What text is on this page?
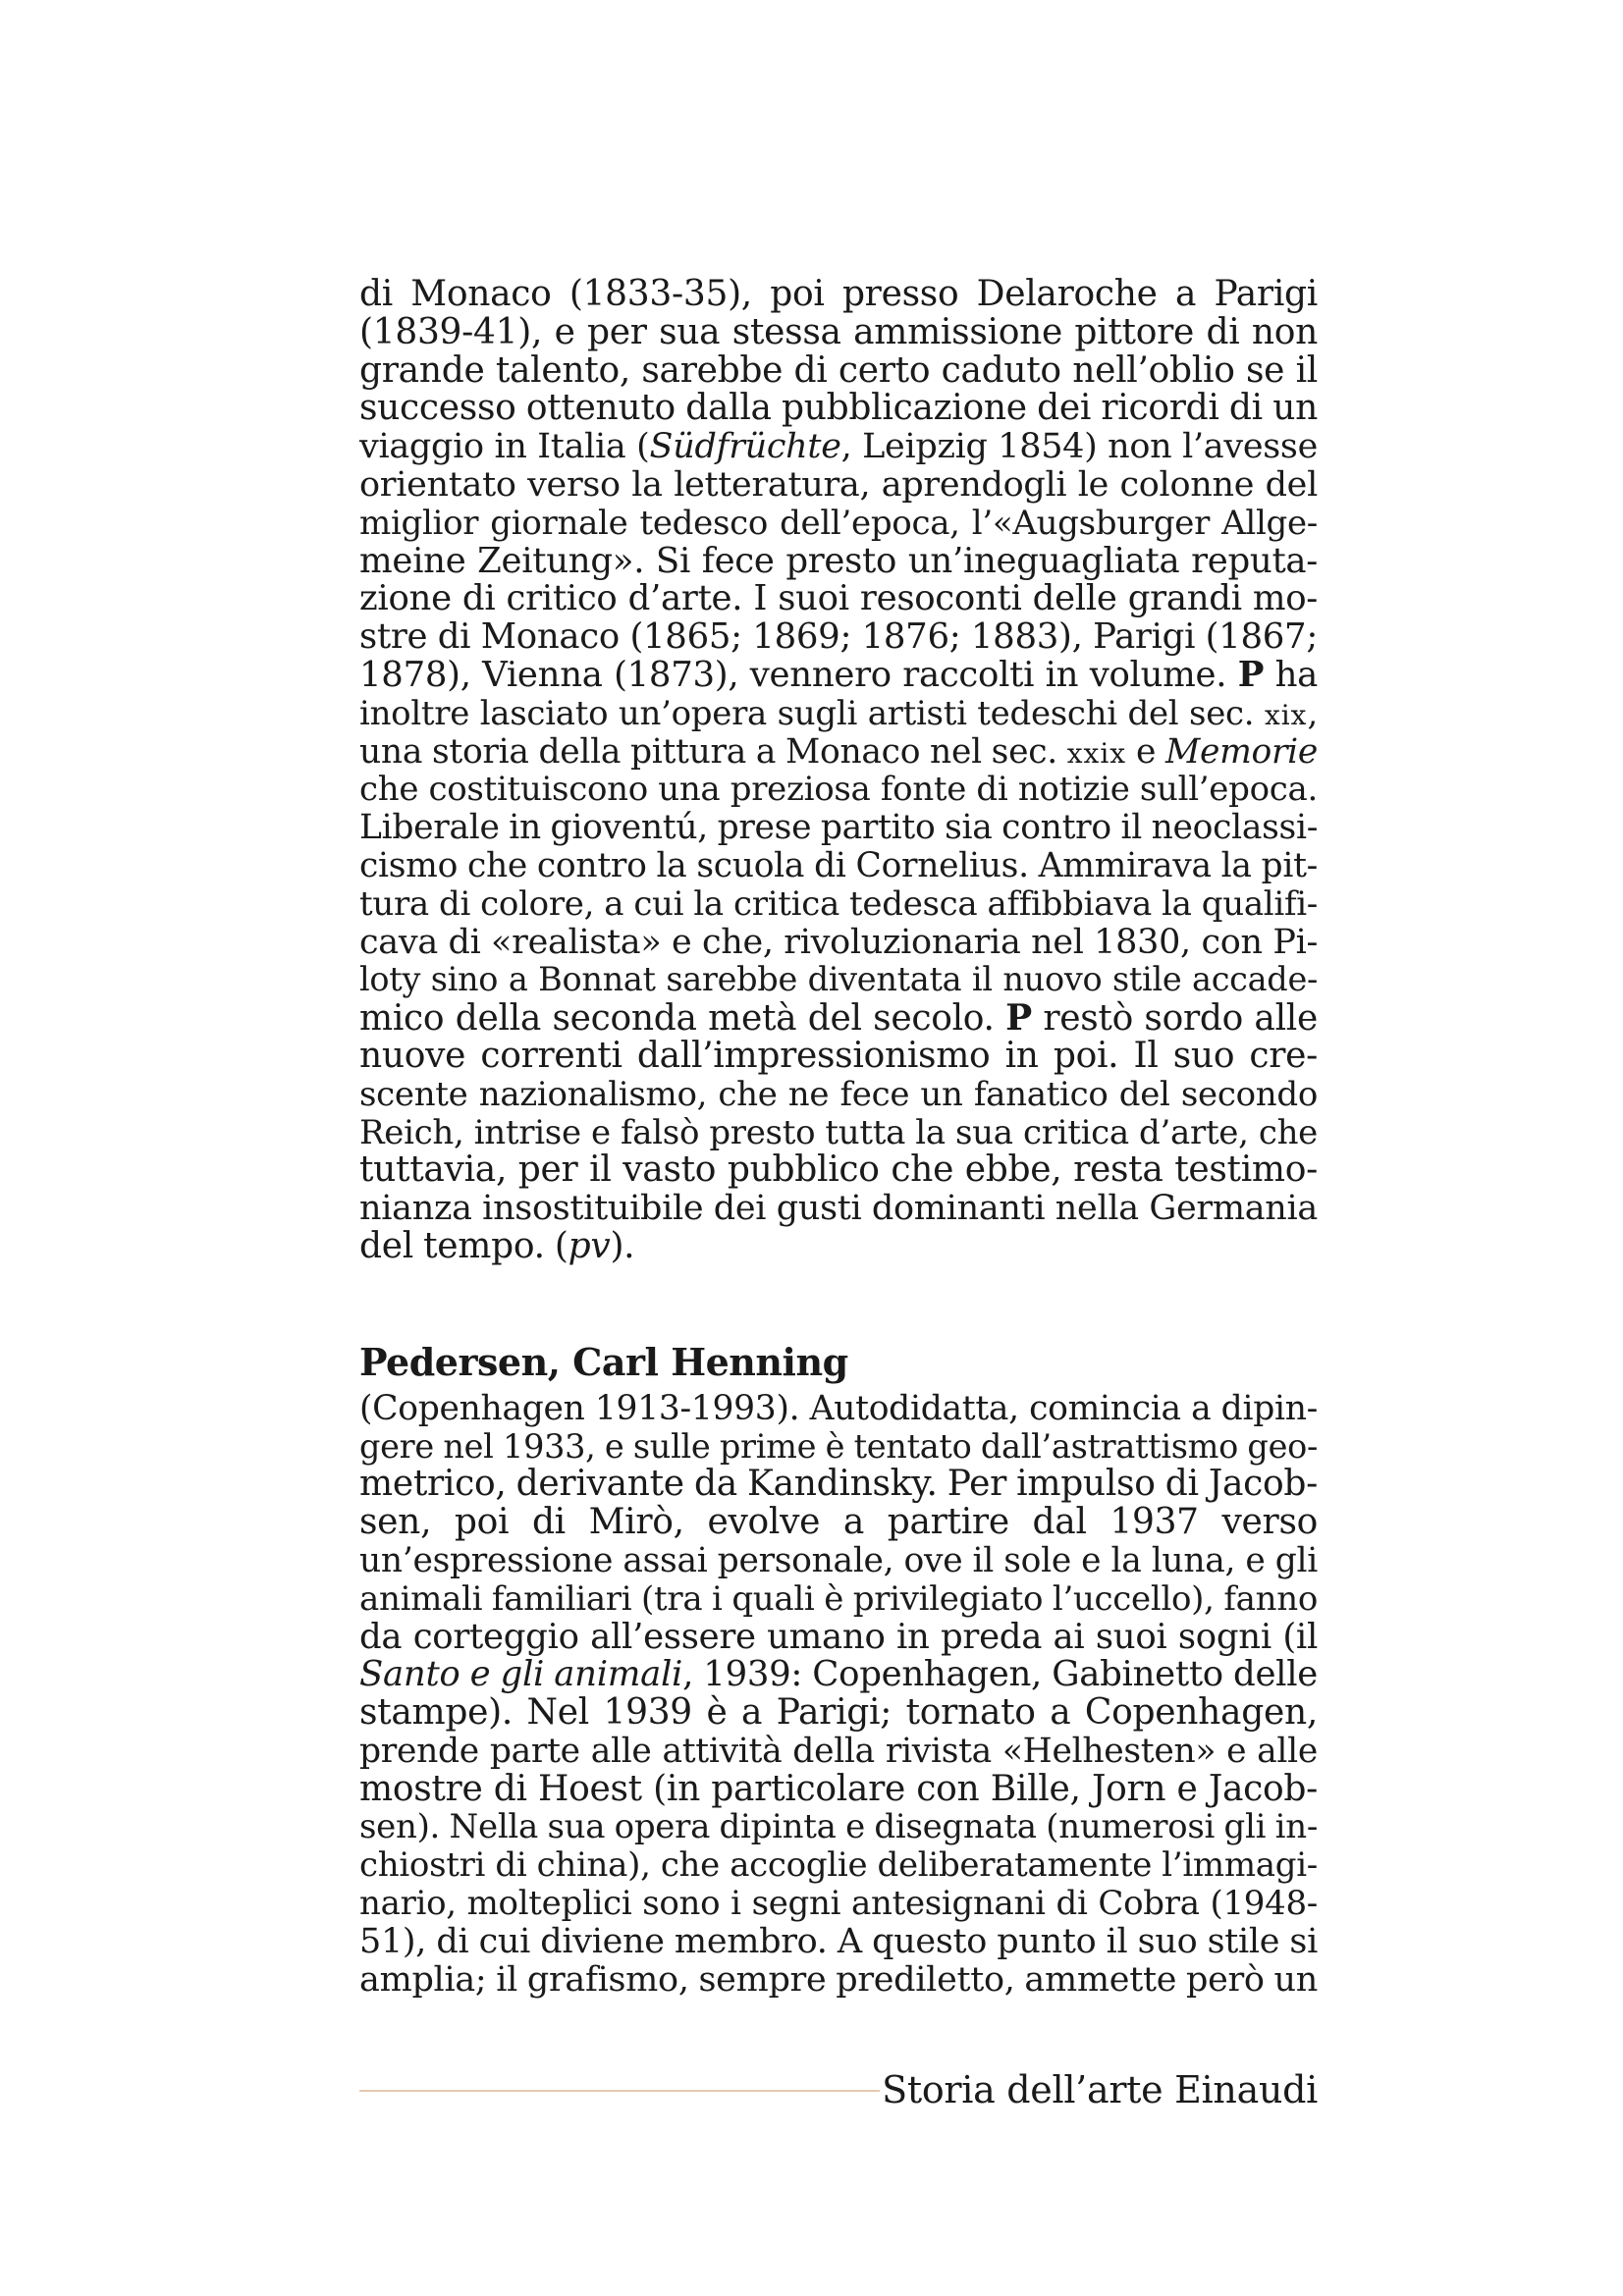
di Monaco (1833-35), poi presso Delaroche a Parigi
(1839-41), e per sua stessa ammissione pittore di non
grande talento, sarebbe di certo caduto nell’oblio se il
successo ottenuto dalla pubblicazione dei ricordi di un
viaggio in Italia (Südfrüchte, Leipzig 1854) non l’avesse
orientato verso la letteratura, aprendogli le colonne del
miglior giornale tedesco dell’epoca, l’«Augsburger Allge-
meine Zeitung». Si fece presto un’ineguagliata reputa-
zione di critico d’arte. I suoi resoconti delle grandi mo-
stre di Monaco (1865; 1869; 1876; 1883), Parigi (1867;
1878), Vienna (1873), vennero raccolti in volume. P ha
inoltre lasciato un’opera sugli artisti tedeschi del sec. xix,
una storia della pittura a Monaco nel sec. xxix e Memorie
che costituiscono una preziosa fonte di notizie sull’epoca.
Liberale in gioventú, prese partito sia contro il neoclassi-
cismo che contro la scuola di Cornelius. Ammirava la pit-
tura di colore, a cui la critica tedesca affibbiava la qualifi-
cava di «realista» e che, rivoluzionaria nel 1830, con Pi-
loty sino a Bonnat sarebbe diventata il nuovo stile accade-
mico della seconda metà del secolo. P restò sordo alle
nuove correnti dall’impressionismo in poi. Il suo cre-
scente nazionalismo, che ne fece un fanatico del secondo
Reich, intrise e falsò presto tutta la sua critica d’arte, che
tuttavia, per il vasto pubblico che ebbe, resta testimo-
nianza insostituibile dei gusti dominanti nella Germania
del tempo. (pv).
Pedersen, Carl Henning
(Copenhagen 1913-1993). Autodidatta, comincia a dipin-
gere nel 1933, e sulle prime è tentato dall’astrattismo geo-
metrico, derivante da Kandinsky. Per impulso di Jacob-
sen, poi di Mirò, evolve a partire dal 1937 verso
un’espressione assai personale, ove il sole e la luna, e gli
animali familiari (tra i quali è privilegiato l’uccello), fanno
da corteggio all’essere umano in preda ai suoi sogni (il
Santo e gli animali, 1939: Copenhagen, Gabinetto delle
stampe). Nel 1939 è a Parigi; tornato a Copenhagen,
prende parte alle attività della rivista «Helhesten» e alle
mostre di Hoest (in particolare con Bille, Jorn e Jacob-
sen). Nella sua opera dipinta e disegnata (numerosi gli in-
chiostri di china), che accoglie deliberatamente l’immagi-
nario, molteplici sono i segni antesignani di Cobra (1948-
51), di cui diviene membro. A questo punto il suo stile si
amplia; il grafismo, sempre prediletto, ammette però un
Storia dell’arte Einaudi
